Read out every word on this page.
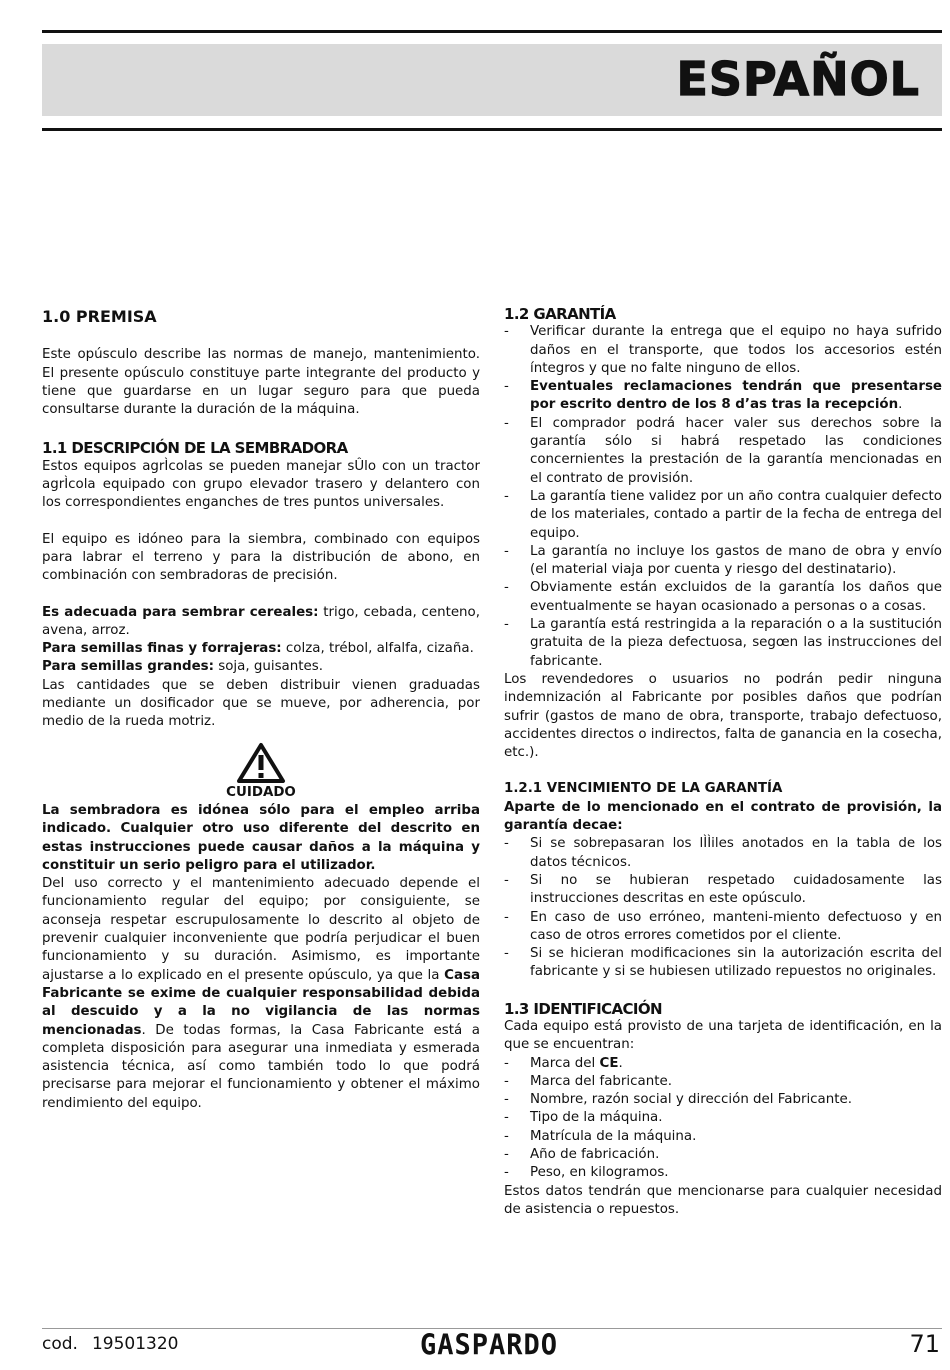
ESPAÑOL
1.0 PREMISA

Este opúsculo describe las normas de manejo, mantenimiento. El presente opúsculo constituye parte integrante del producto y tiene que guardarse en un lugar seguro para que pueda consultarse durante la duración de la máquina.

1.1 DESCRIPCIÓN DE LA SEMBRADORA

Estos equipos agrÌcolas se pueden manejar sÛlo con un tractor agrÌcola equipado con grupo elevador trasero y delantero con los correspondientes enganches de tres puntos universales.

El equipo es idóneo para la siembra, combinado con equipos para labrar el terreno y para la distribución de abono, en combinación con sembradoras de precisión.

Es adecuada para sembrar cereales: trigo, cebada, centeno, avena, arroz.

Para semillas finas y forrajeras: colza, trébol, alfalfa, cizaña.

Para semillas grandes: soja, guisantes.

Las cantidades que se deben distribuir vienen graduadas mediante un dosificador que se mueve, por adherencia, por medio de la rueda motriz.

CUIDADO

La sembradora es idónea sólo para el empleo arriba indicado. Cualquier otro uso diferente del descrito en estas instrucciones puede causar daños a la máquina y constituir un serio peligro para el utilizador.

Del uso correcto y el mantenimiento adecuado depende el funcionamiento regular del equipo; por consiguiente, se aconseja respetar escrupulosamente lo descrito al objeto de prevenir cualquier inconveniente que podría perjudicar el buen funcionamiento y su duración. Asimismo, es importante ajustarse a lo explicado en el presente opúsculo, ya que la Casa Fabricante se exime de cualquier responsabilidad debida al descuido y a la no vigilancia de las normas mencionadas. De todas formas, la Casa Fabricante está a completa disposición para asegurar una inmediata y esmerada asistencia técnica, así como también todo lo que podrá precisarse para mejorar el funcionamiento y obtener el máximo rendimiento del equipo.

1.2 GARANTÍA
- Verificar durante la entrega que el equipo no haya sufrido daños en el transporte, que todos los accesorios estén íntegros y que no falte ninguno de ellos.
- Eventuales reclamaciones tendrán que presentarse por escrito dentro de los 8 d’as tras la recepción.
- El comprador podrá hacer valer sus derechos sobre la garantía sólo si habrá respetado las condiciones concernientes la prestación de la garantía mencionadas en el contrato de provisión.
- La garantía tiene validez por un año contra cualquier defecto de los materiales, contado a partir de la fecha de entrega del equipo.
- La garantía no incluye los gastos de mano de obra y envío (el material viaja por cuenta y riesgo del destinatario).
- Obviamente están excluidos de la garantía los daños que eventualmente se hayan ocasionado a personas o a cosas.
- La garantía está restringida a la reparación o a la sustitución gratuita de la pieza defectuosa, segœn las instrucciones del fabricante.

Los revendedores o usuarios no podrán pedir ninguna indemnización al Fabricante por posibles daños que podrían sufrir (gastos de mano de obra, transporte, trabajo defectuoso, accidentes directos o indirectos, falta de ganancia en la cosecha, etc.).

1.2.1 VENCIMIENTO DE LA GARANTÍA

Aparte de lo mencionado en el contrato de provisión, la garantía decae:

- Si se sobrepasaran los lÌÌiles anotados en la tabla de los datos técnicos.
- Si no se hubieran respetado cuidadosamente las instrucciones descritas en este opúsculo.
- En caso de uso erróneo, manteni-miento defectuoso y en caso de otros errores cometidos por el cliente.
- Si se hicieran modificaciones sin la autorización escrita del fabricante y si se hubiesen utilizado repuestos no originales.
1.3 IDENTIFICACIÓN

Cada equipo está provisto de una tarjeta de identificación, en la que se encuentran:

- Marca del CE.
- Marca del fabricante.
- Nombre, razón social y dirección del Fabricante.
- Tipo de la máquina.
- Matrícula de la máquina.
- Año de fabricación.
- Peso, en kilogramos.

Estos datos tendrán que mencionarse para cualquier necesidad de asistencia o repuestos.

cod. 19501320	GASPARDO	71
